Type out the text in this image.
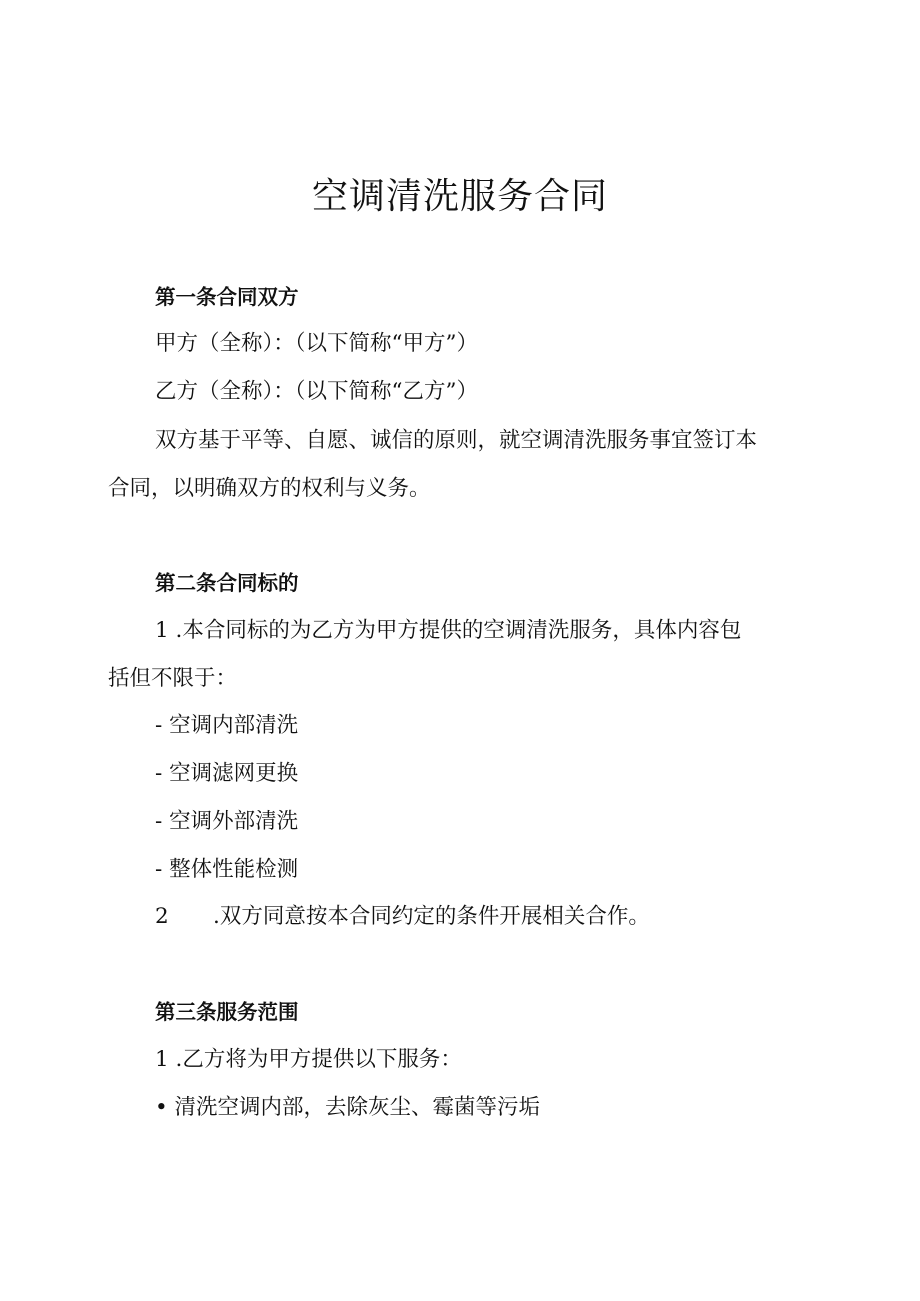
空调清洗服务合同
第一条合同双方
甲方（全称）：（以下简称“甲方”）
乙方（全称）：（以下简称“乙方”）
双方基于平等、自愿、诚信的原则，就空调清洗服务事宜签订本
合同，以明确双方的权利与义务。
第二条合同标的
1 .本合同标的为乙方为甲方提供的空调清洗服务，具体内容包
括但不限于：
- 空调内部清洗
- 空调滤网更换
- 空调外部清洗
- 整体性能检测
2 .双方同意按本合同约定的条件开展相关合作。
第三条服务范围
1 .乙方将为甲方提供以下服务：
• 清洗空调内部，去除灰尘、霉菌等污垢
